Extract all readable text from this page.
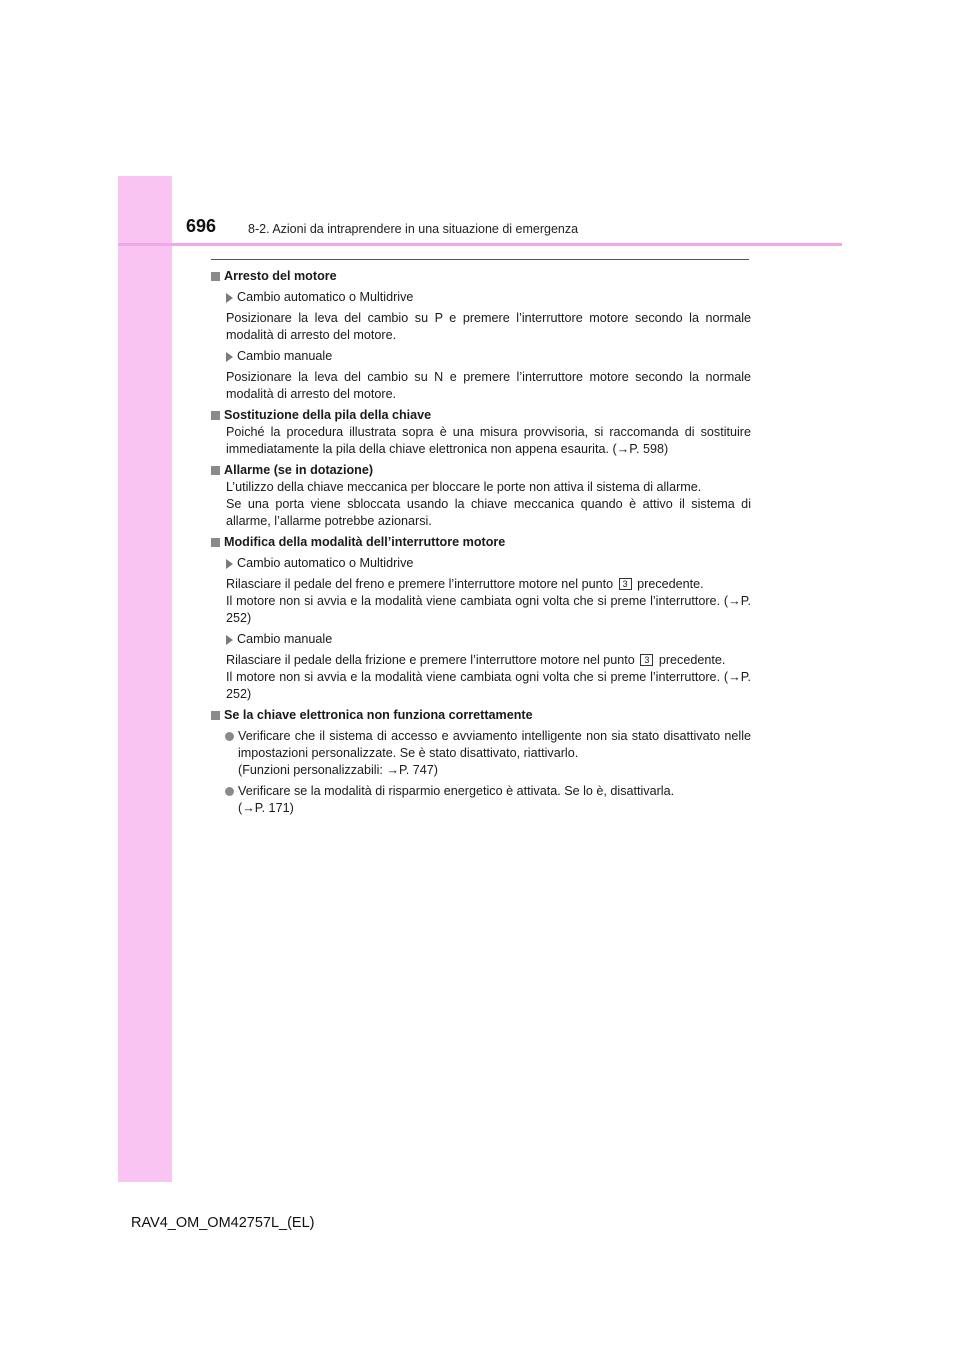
696	8-2. Azioni da intraprendere in una situazione di emergenza
Arresto del motore
Cambio automatico o Multidrive
Posizionare la leva del cambio su P e premere l’interruttore motore secondo la normale modalità di arresto del motore.
Cambio manuale
Posizionare la leva del cambio su N e premere l’interruttore motore secondo la normale modalità di arresto del motore.
Sostituzione della pila della chiave
Poiché la procedura illustrata sopra è una misura provvisoria, si raccomanda di sostituire immediatamente la pila della chiave elettronica non appena esaurita. (→P. 598)
Allarme (se in dotazione)
L’utilizzo della chiave meccanica per bloccare le porte non attiva il sistema di allarme.
Se una porta viene sbloccata usando la chiave meccanica quando è attivo il sistema di allarme, l’allarme potrebbe azionarsi.
Modifica della modalità dell’interruttore motore
Cambio automatico o Multidrive
Rilasciare il pedale del freno e premere l’interruttore motore nel punto 3 precedente.
Il motore non si avvia e la modalità viene cambiata ogni volta che si preme l’interruttore. (→P. 252)
Cambio manuale
Rilasciare il pedale della frizione e premere l’interruttore motore nel punto 3 precedente.
Il motore non si avvia e la modalità viene cambiata ogni volta che si preme l’interruttore. (→P. 252)
Se la chiave elettronica non funziona correttamente
Verificare che il sistema di accesso e avviamento intelligente non sia stato disattivato nelle impostazioni personalizzate. Se è stato disattivato, riattivarlo.
(Funzioni personalizzabili: →P. 747)
Verificare se la modalità di risparmio energetico è attivata. Se lo è, disattivarla.
(→P. 171)
RAV4_OM_OM42757L_(EL)
